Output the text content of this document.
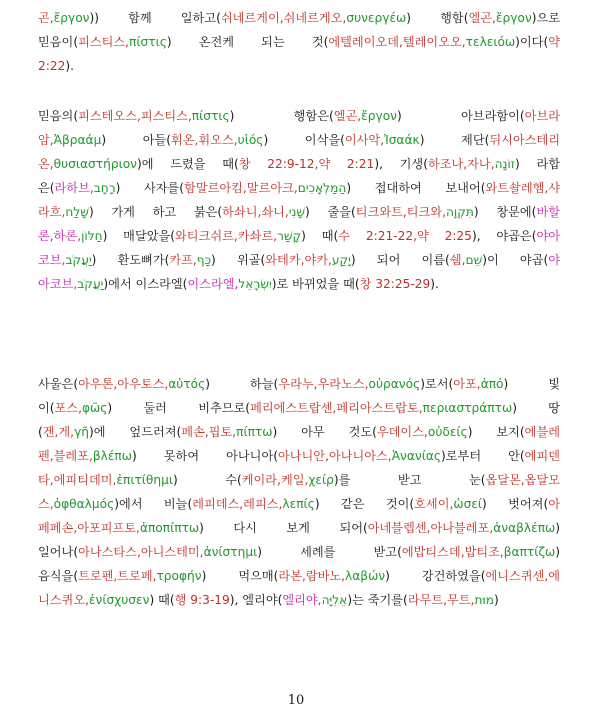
곤,ἔργον)) 함께 일하고(쉬네르게이,쉬네르게오,συνεργέω) 행함(엘곤,ἔργον)으로
믿음이(피스티스,πίστις) 온전케 되는 것(에텔레이오데,텔레이오오,τελειόω)이다(약
2:22).
믿음의(피스테오스,피스티스,πίστις) 행함은(엘곤,ἔργον) 아브라함이(아브라
암,Ἀβραάμ) 아들(휘온,휘오스,υἱός) 이삭을(이사악,Ἰσαάκ) 제단(뒤시아스테리
온,θυσιαστήριον)에 드렸을 때(창 22:9-12,약 2:21), 기생(하조나,자나,זוֹנָה) 라합
은(라하브,רָחָב) 사자를(함말르아킴,말르아크,הַמַּלְאָכִים) 접대하여 보내어(와트솰레헴,샤
라흐,שָׁלַח) 가게 하고 붉은(하솨니,솨니,שָׁנִי) 줄을(티크와트,티크와,תִּקְוָה) 창문에(바할
론,하론,חַלּוֹן) 매달았을(와티크쉬르,카솨르,קָשַׁר) 때(수 2:21-22,약 2:25), 야곱은(야아
코브,יַעֲקֹב) 환도뼈가(카프,כַּף) 위골(와테카,야카,יָקַע) 되어 이름(쉠,שֵׁם)이 야곱(야
아코브,יַעֲקֹב)에서 이스라엘(이스라엘,יִשְׂרָאֵל)로 바뀌었을 때(창 32:25-29).
사울은(아우톤,아우토스,αὐτός) 하늘(우라누,우라노스,οὐρανός)로서(아포,ἀπό) 빛
이(포스,φῶς) 둘러 비추므로(페리에스트랍센,페리아스트랍토,περιαστράπτω) 땅
(겐,게,γῆ)에 엎드러져(페손,핍토,πίπτω) 아무 것도(우데이스,οὐδείς) 보지(에블레
펜,블레포,βλέπω) 못하여 아나니아(아나니안,아나니아스,Ἀνανίας)로부터 안(에피덴
타,에피티데미,ἐπιτίθημι) 수(케이라,케일,χείρ)를 받고 눈(옵달몬,옵달모
스,ὀφθαλμός)에서 비늘(레피데스,레피스,λεπίς) 같은 것이(호세이,ὡσεί) 벗어져(아
페페손,아포피프토,ἀποπίπτω) 다시 보게 되어(아네블렙센,아나블레포,ἀναβλέπω)
일어나(아나스타스,아니스테미,ἀνίστημι) 세례를 받고(에밥티스데,밥티조,βαπτίζω)
음식을(트로펜,트로페,τροφήν) 먹으매(라본,람바노,λαβών) 강건하였을(에니스퀴센,에
니스퀴오,ἐνίσχυσεν) 때(행 9:3-19), 엘리야(엘리야,אֵלִיָּה)는 죽기를(라무트,무트,מוּת)
10
